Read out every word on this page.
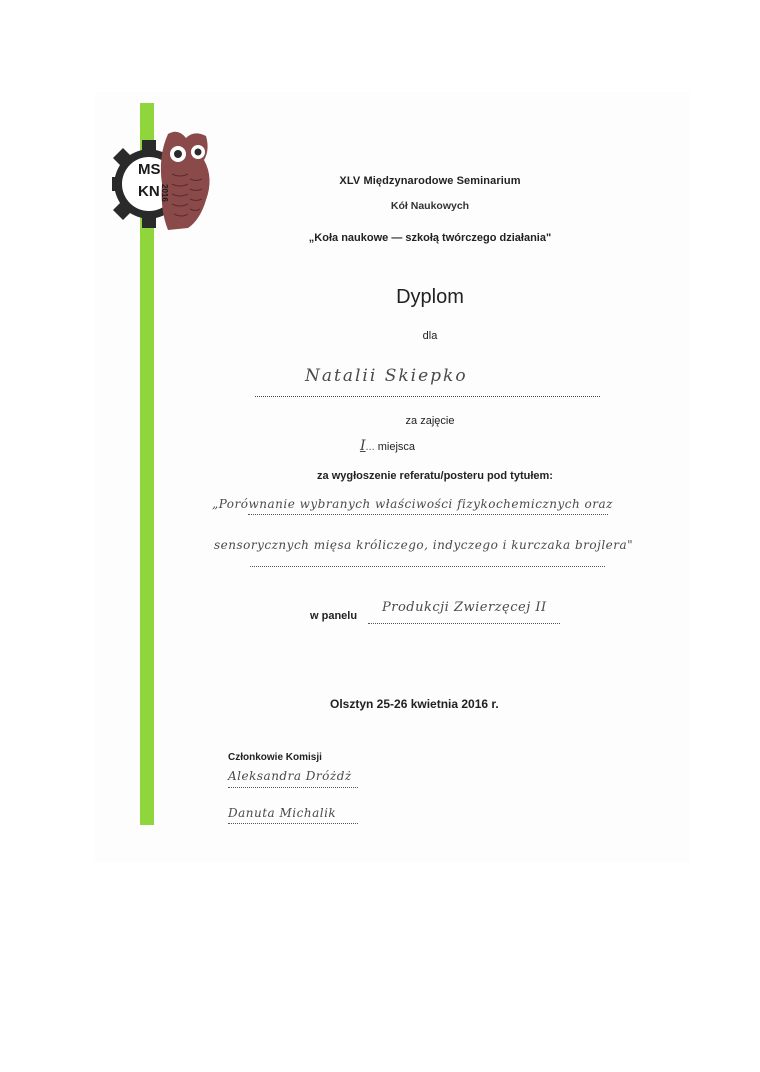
MS
2016
KN
XLV Międzynarodowe Seminarium
Kół Naukowych
„Koła naukowe — szkołą twórczego działania"
Dyplom
dla
Natalii Skiepko
za zajęcie
I... miejsca
za wygłoszenie referatu/posteru pod tytułem:
„Porównanie wybranych właściwości fizykochemicznych oraz
sensorycznych mięsa króliczego, indyczego i kurczaka brojlera"
w panelu
Produkcji Zwierzęcej II
Olsztyn 25-26 kwietnia 2016 r.
Członkowie Komisji
Aleksandra Dróżdż
Danuta Michalik
